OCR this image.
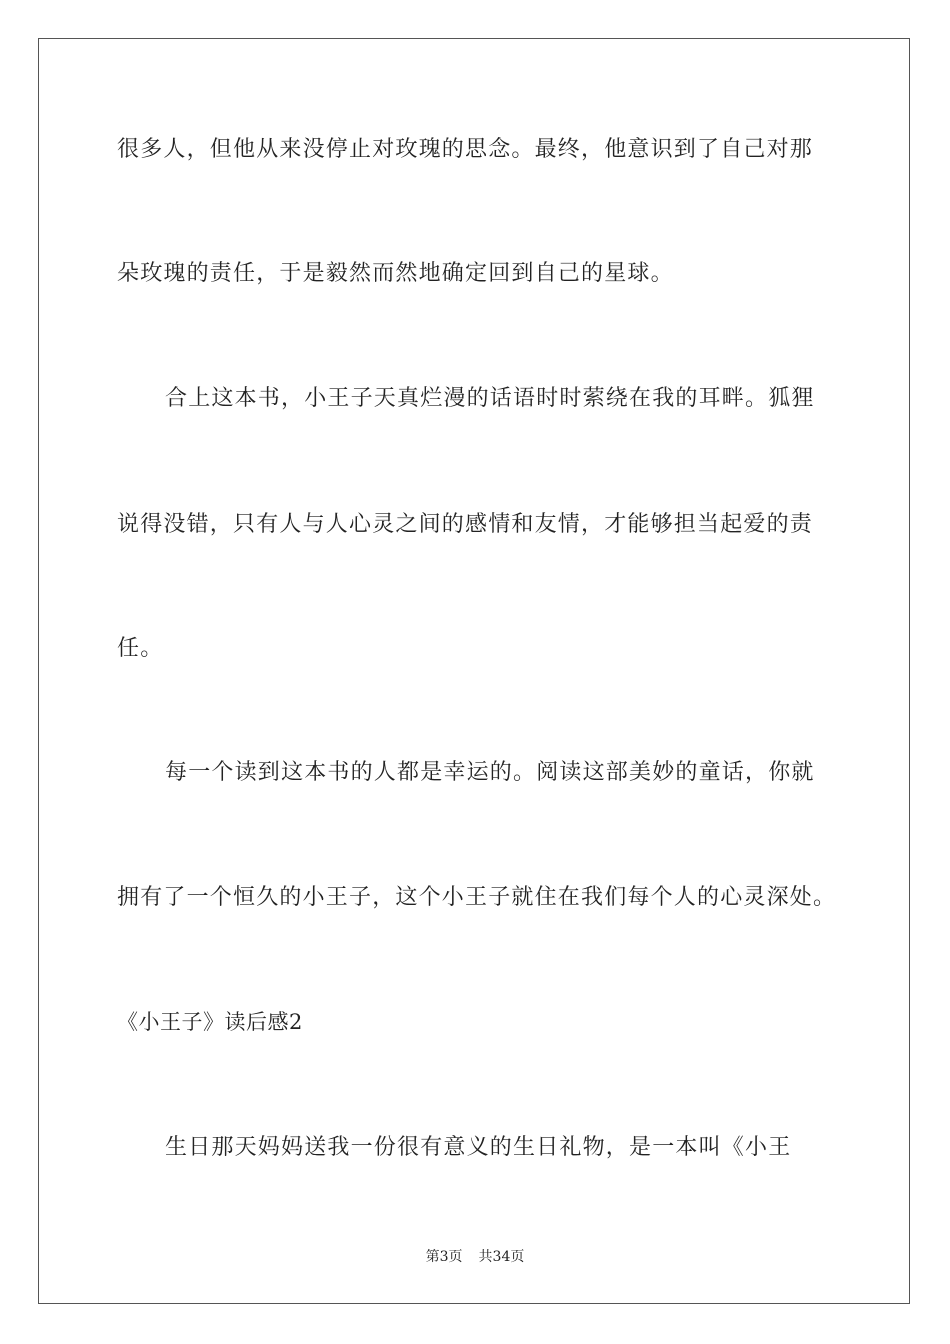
很多人，但他从来没停止对玫瑰的思念。最终，他意识到了自己对那
朵玫瑰的责任，于是毅然而然地确定回到自己的星球。
合上这本书，小王子天真烂漫的话语时时萦绕在我的耳畔。狐狸
说得没错，只有人与人心灵之间的感情和友情，才能够担当起爱的责
任。
每一个读到这本书的人都是幸运的。阅读这部美妙的童话，你就
拥有了一个恒久的小王子，这个小王子就住在我们每个人的心灵深处。
《小王子》读后感2
生日那天妈妈送我一份很有意义的生日礼物，是一本叫《小王
第3页 共34页
